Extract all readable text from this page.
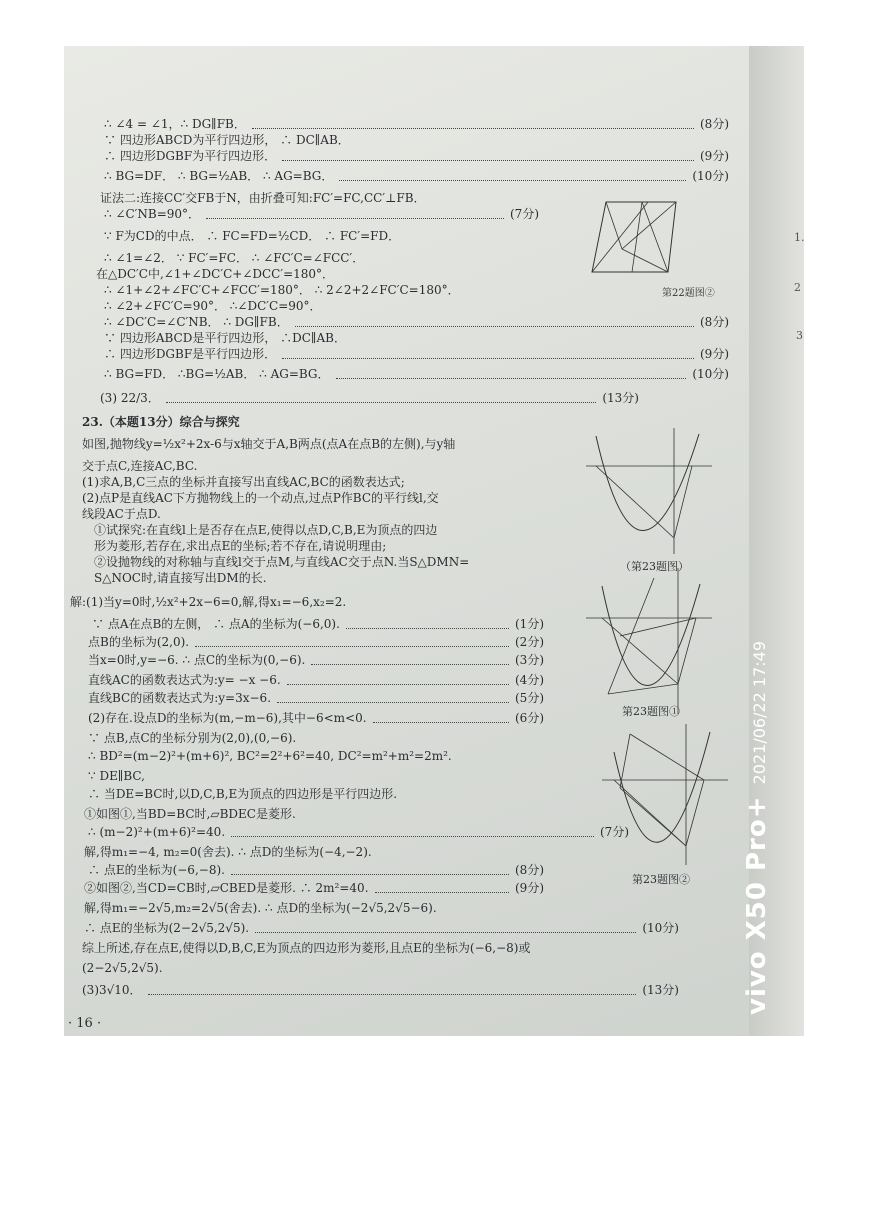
1.
2
3
∴ ∠4 = ∠1，∴ DG∥FB．	(8分)
∵ 四边形ABCD为平行四边形， ∴ DC∥AB．
∴ 四边形DGBF为平行四边形．	(9分)
∴ BG=DF． ∴ BG=½AB． ∴ AG=BG．	(10分)
证法二:连接CC′交FB于N，由折叠可知:FC′=FC,CC′⊥FB．
∴ ∠C′NB=90°．	(7分)
∵ F为CD的中点． ∴ FC=FD=½CD． ∴ FC′=FD．
∴ ∠1=∠2． ∵ FC′=FC． ∴ ∠FC′C=∠FCC′．
在△DC′C中,∠1+∠DC′C+∠DCC′=180°．
∴ ∠1+∠2+∠FC′C+∠FCC′=180°． ∴ 2∠2+2∠FC′C=180°．
∴ ∠2+∠FC′C=90°． ∴∠DC′C=90°．
∴ ∠DC′C=∠C′NB． ∴ DG∥FB．	(8分)
∵ 四边形ABCD是平行四边形， ∴DC∥AB．
∴ 四边形DGBF是平行四边形．	(9分)
∴ BG=FD． ∴BG=½AB． ∴ AG=BG．	(10分)
(3) 22/3．	(13分)
23.（本题13分）综合与探究
如图,抛物线y=½x²+2x-6与x轴交于A,B两点(点A在点B的左侧),与y轴
交于点C,连接AC,BC.
(1)求A,B,C三点的坐标并直接写出直线AC,BC的函数表达式;
(2)点P是直线AC下方抛物线上的一个动点,过点P作BC的平行线l,交
线段AC于点D.
①试探究:在直线l上是否存在点E,使得以点D,C,B,E为顶点的四边
形为菱形,若存在,求出点E的坐标;若不存在,请说明理由;
②设抛物线的对称轴与直线l交于点M,与直线AC交于点N.当S△DMN=
S△NOC时,请直接写出DM的长.
解:(1)当y=0时,½x²+2x−6=0,解,得x₁=−6,x₂=2.
∵ 点A在点B的左侧， ∴ 点A的坐标为(−6,0).	(1分)
点B的坐标为(2,0).	(2分)
当x=0时,y=−6. ∴ 点C的坐标为(0,−6).	(3分)
直线AC的函数表达式为:y= −x −6.	(4分)
直线BC的函数表达式为:y=3x−6.	(5分)
(2)存在.设点D的坐标为(m,−m−6),其中−6<m<0.	(6分)
∵ 点B,点C的坐标分别为(2,0),(0,−6).
∴ BD²=(m−2)²+(m+6)², BC²=2²+6²=40, DC²=m²+m²=2m².
∵ DE∥BC,
∴ 当DE=BC时,以D,C,B,E为顶点的四边形是平行四边形.
①如图①,当BD=BC时,▱BDEC是菱形.
∴ (m−2)²+(m+6)²=40.	(7分)
解,得m₁=−4, m₂=0(舍去). ∴ 点D的坐标为(−4,−2).
∴ 点E的坐标为(−6,−8).	(8分)
②如图②,当CD=CB时,▱CBED是菱形. ∴ 2m²=40.	(9分)
解,得m₁=−2√5,m₂=2√5(舍去). ∴ 点D的坐标为(−2√5,2√5−6).
∴ 点E的坐标为(2−2√5,2√5).	(10分)
综上所述,存在点E,使得以D,B,C,E为顶点的四边形为菱形,且点E的坐标为(−6,−8)或
(2−2√5,2√5).
(3)3√10．	(13分)
第22题图②
（第23题图）
第23题图①
第23题图②
· 16 ·
vivo X50 Pro+ 2021/06/22 17:49
